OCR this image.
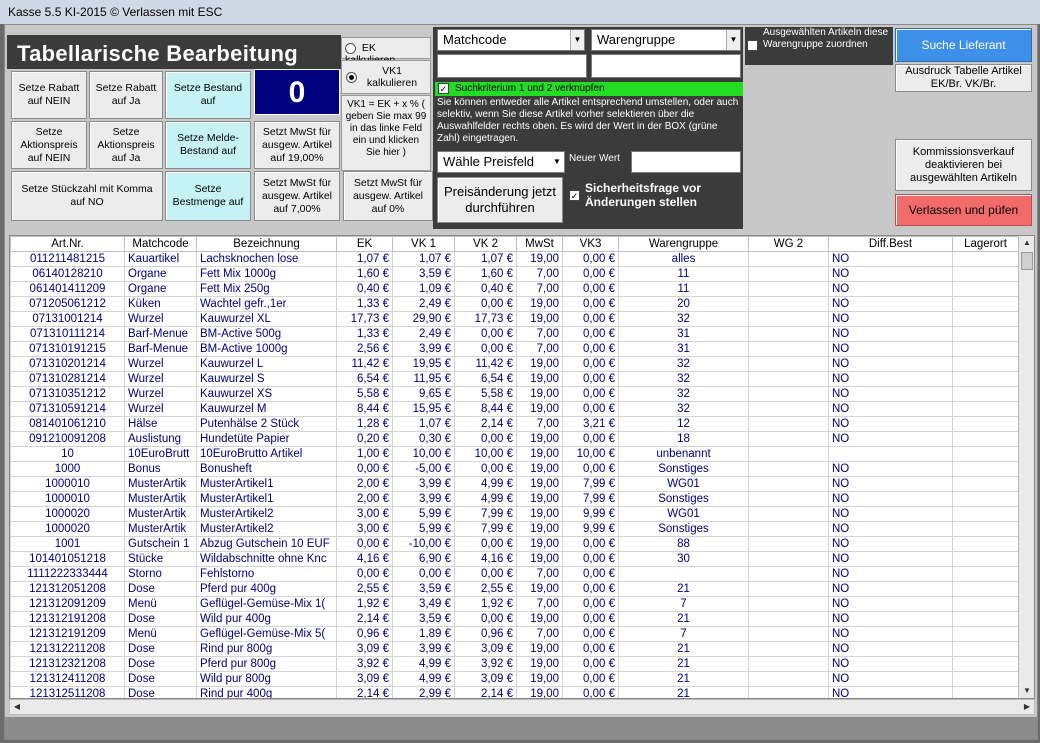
Kasse 5.5 KI-2015 © Verlassen mit ESC
Tabellarische Bearbeitung	EK
VK1 kalkulieren
VK1 = EK + x % ( geben Sie max 99 in das linke Feld ein und klicken Sie hier )
0
Setze Rabatt auf NEIN
Setze Rabatt auf Ja
Setze Bestand auf
Setze Aktionspreis auf NEIN
Setze Aktionspreis auf Ja
Setze Melde-Bestand auf
Setzt MwSt für ausgew. Artikel auf 19,00%
Setze Stückzahl mit Komma auf NO
Setze Bestmenge auf
Setzt MwSt für ausgew. Artikel auf 7,00%
Setzt MwSt für ausgew. Artikel auf 0%
Matchcode	▼	Warengruppe	▼
✓ Suchkriterium 1 und 2 verknüpfen
Sie können entweder alle Artikel entsprechend umstellen, oder auch selektiv, wenn Sie diese Artikel vorher selektieren über die Auswahlfelder rechts oben. Es wird der Wert in der BOX (grüne Zahl) eingetragen.
Wähle Preisfeld	▼ Neuer Wert
Preisänderung jetzt durchführen
✓
Sicherheitsfrage vor Änderungen stellen
Ausgewählten Artikeln diese Warengruppe zuordnen	Suche Lieferant
Ausdruck Tabelle Artikel EK/Br. VK/Br.
Kommissionsverkauf deaktivieren bei ausgewählten Artikeln
Verlassen und püfen
Art.Nr.	Matchcode	Bezeichnung	EK	VK 1	VK 2	MwSt	VK3	Warengruppe	WG 2	Diff.Best	Lagerort
011211481215	Kauartikel	Lachsknochen lose	1,07 €	1,07 €	1,07 €	19,00	0,00 €	alles		NO	
06140128210	Organe	Fett Mix 1000g	1,60 €	3,59 €	1,60 €	7,00	0,00 €	11		NO	
061401411209	Organe	Fett Mix 250g	0,40 €	1,09 €	0,40 €	7,00	0,00 €	11		NO	
071205061212	Küken	Wachtel gefr.,1er	1,33 €	2,49 €	0,00 €	19,00	0,00 €	20		NO	
07131001214	Wurzel	Kauwurzel XL	17,73 €	29,90 €	17,73 €	19,00	0,00 €	32		NO	
071310111214	Barf-Menue	BM-Active 500g	1,33 €	2,49 €	0,00 €	7,00	0,00 €	31		NO	
071310191215	Barf-Menue	BM-Active 1000g	2,56 €	3,99 €	0,00 €	7,00	0,00 €	31		NO	
071310201214	Wurzel	Kauwurzel L	11,42 €	19,95 €	11,42 €	19,00	0,00 €	32		NO	
071310281214	Wurzel	Kauwurzel S	6,54 €	11,95 €	6,54 €	19,00	0,00 €	32		NO	
071310351212	Wurzel	Kauwurzel XS	5,58 €	9,65 €	5,58 €	19,00	0,00 €	32		NO	
071310591214	Wurzel	Kauwurzel M	8,44 €	15,95 €	8,44 €	19,00	0,00 €	32		NO	
081401061210	Hälse	Putenhälse 2 Stück	1,28 €	1,07 €	2,14 €	7,00	3,21 €	12		NO	
091210091208	Auslistung	Hundetüte Papier	0,20 €	0,30 €	0,00 €	19,00	0,00 €	18		NO	
10	10EuroBrutt	10EuroBrutto Artikel	1,00 €	10,00 €	10,00 €	19,00	10,00 €	unbenannt			
1000	Bonus	Bonusheft	0,00 €	-5,00 €	0,00 €	19,00	0,00 €	Sonstiges		NO	
1000010	MusterArtik	MusterArtikel1	2,00 €	3,99 €	4,99 €	19,00	7,99 €	WG01		NO	
1000010	MusterArtik	MusterArtikel1	2,00 €	3,99 €	4,99 €	19,00	7,99 €	Sonstiges		NO	
1000020	MusterArtik	MusterArtikel2	3,00 €	5,99 €	7,99 €	19,00	9,99 €	WG01		NO	
1000020	MusterArtik	MusterArtikel2	3,00 €	5,99 €	7,99 €	19,00	9,99 €	Sonstiges		NO	
1001	Gutschein 1	Abzug Gutschein 10 EUF	0,00 €	-10,00 €	0,00 €	19,00	0,00 €	88		NO	
101401051218	Stücke	Wildabschnitte ohne Knc	4,16 €	6,90 €	4,16 €	19,00	0,00 €	30		NO	
1111222333444	Storno	Fehlstorno	0,00 €	0,00 €	0,00 €	7,00	0,00 €			NO	
121312051208	Dose	Pferd pur 400g	2,55 €	3,59 €	2,55 €	19,00	0,00 €	21		NO	
121312091209	Menü	Geflügel-Gemüse-Mix 1(	1,92 €	3,49 €	1,92 €	7,00	0,00 €	7		NO	
121312191208	Dose	Wild pur 400g	2,14 €	3,59 €	0,00 €	19,00	0,00 €	21		NO	
121312191209	Menü	Geflügel-Gemüse-Mix 5(	0,96 €	1,89 €	0,96 €	7,00	0,00 €	7		NO	
121312211208	Dose	Rind pur 800g	3,09 €	3,99 €	3,09 €	19,00	0,00 €	21		NO	
121312321208	Dose	Pferd pur 800g	3,92 €	4,99 €	3,92 €	19,00	0,00 €	21		NO	
121312411208	Dose	Wild pur 800g	3,09 €	4,99 €	3,09 €	19,00	0,00 €	21		NO	
121312511208	Dose	Rind pur 400g	2,14 €	2,99 €	2,14 €	19,00	0,00 €	21		NO	
▲
▼
◀	▶
